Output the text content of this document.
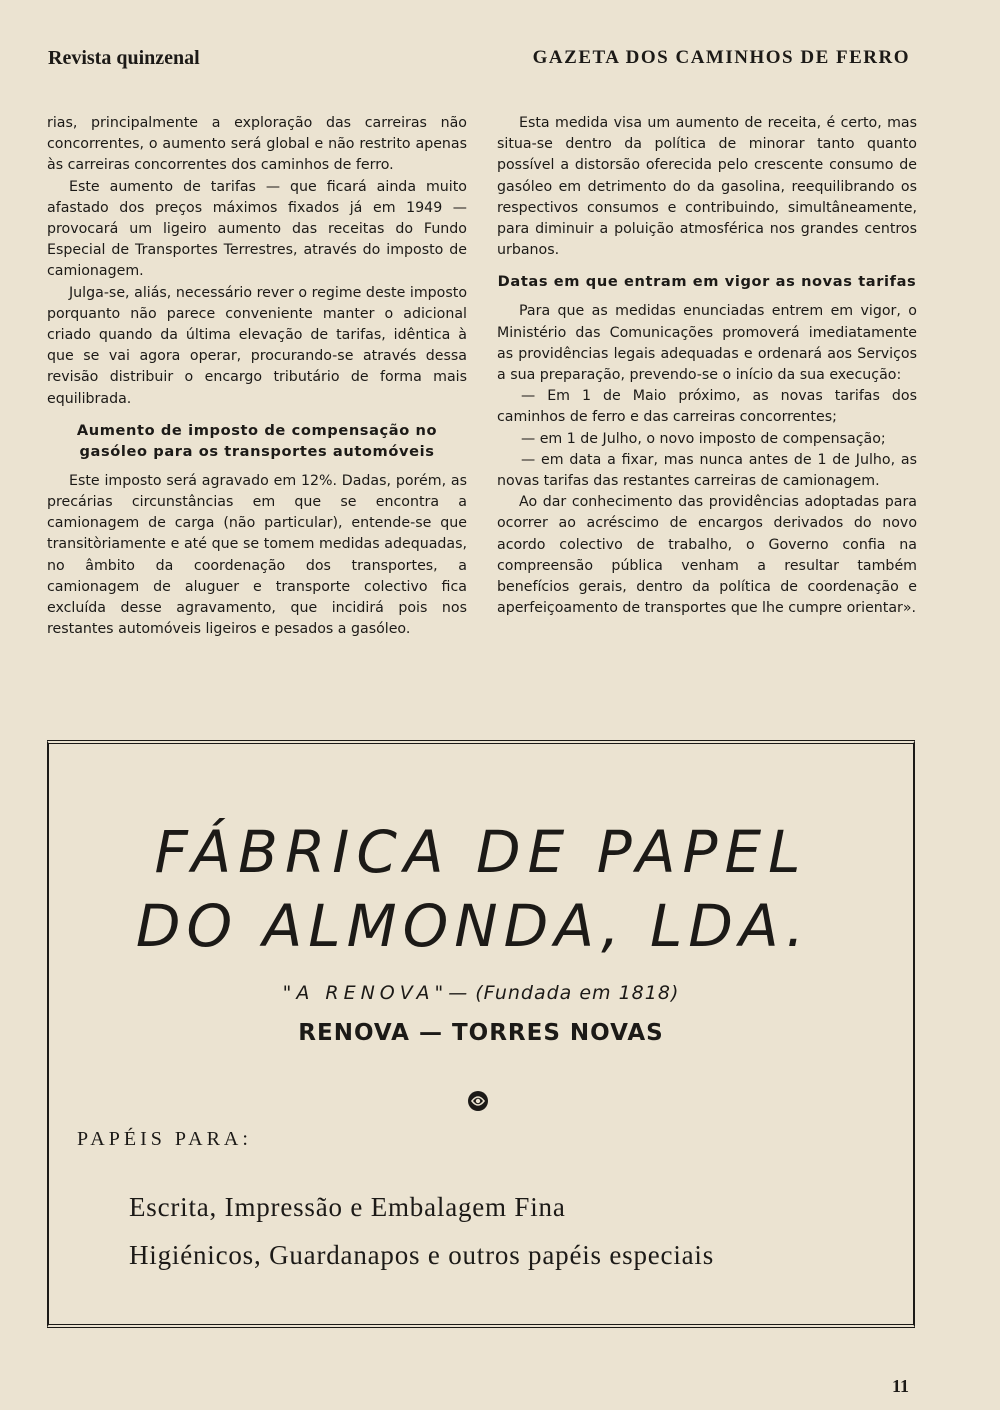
Revista quinzenal	GAZETA DOS CAMINHOS DE FERRO

rias, principalmente a exploração das carreiras não concorrentes, o aumento será global e não restrito apenas às carreiras concorrentes dos caminhos de ferro.

Este aumento de tarifas — que ficará ainda muito afastado dos preços máximos fixados já em 1949 — provocará um ligeiro aumento das receitas do Fundo Especial de Transportes Terrestres, através do imposto de camionagem.

Julga-se, aliás, necessário rever o regime deste imposto porquanto não parece conveniente manter o adicional criado quando da última elevação de tarifas, idêntica à que se vai agora operar, procurando-se através dessa revisão distribuir o encargo tributário de forma mais equilibrada.

Aumento de imposto de compensação no gasóleo para os transportes automóveis

Este imposto será agravado em 12%. Dadas, porém, as precárias circunstâncias em que se encontra a camionagem de carga (não particular), entende-se que transitòriamente e até que se tomem medidas adequadas, no âmbito da coordenação dos transportes, a camionagem de aluguer e transporte colectivo fica excluída desse agravamento, que incidirá pois nos restantes automóveis ligeiros e pesados a gasóleo.

Esta medida visa um aumento de receita, é certo, mas situa-se dentro da política de minorar tanto quanto possível a distorsão oferecida pelo crescente consumo de gasóleo em detrimento do da gasolina, reequilibrando os respectivos consumos e contribuindo, simultâneamente, para diminuir a poluição atmosférica nos grandes centros urbanos.

Datas em que entram em vigor as novas tarifas

Para que as medidas enunciadas entrem em vigor, o Ministério das Comunicações promoverá imediatamente as providências legais adequadas e ordenará aos Serviços a sua preparação, prevendo-se o início da sua execução:

— Em 1 de Maio próximo, as novas tarifas dos caminhos de ferro e das carreiras concorrentes;

— em 1 de Julho, o novo imposto de compensação;

— em data a fixar, mas nunca antes de 1 de Julho, as novas tarifas das restantes carreiras de camionagem.

Ao dar conhecimento das providências adoptadas para ocorrer ao acréscimo de encargos derivados do novo acordo colectivo de trabalho, o Governo confia na compreensão pública venham a resultar também benefícios gerais, dentro da política de coordenação e aperfeiçoamento de transportes que lhe cumpre orientar».

FÁBRICA DE PAPEL
DO ALMONDA, LDA.
"A RENOVA"— (Fundada em 1818)
RENOVA — TORRES NOVAS
PAPÉIS PARA:
Escrita, Impressão e Embalagem Fina
Higiénicos, Guardanapos e outros papéis especiais
11
